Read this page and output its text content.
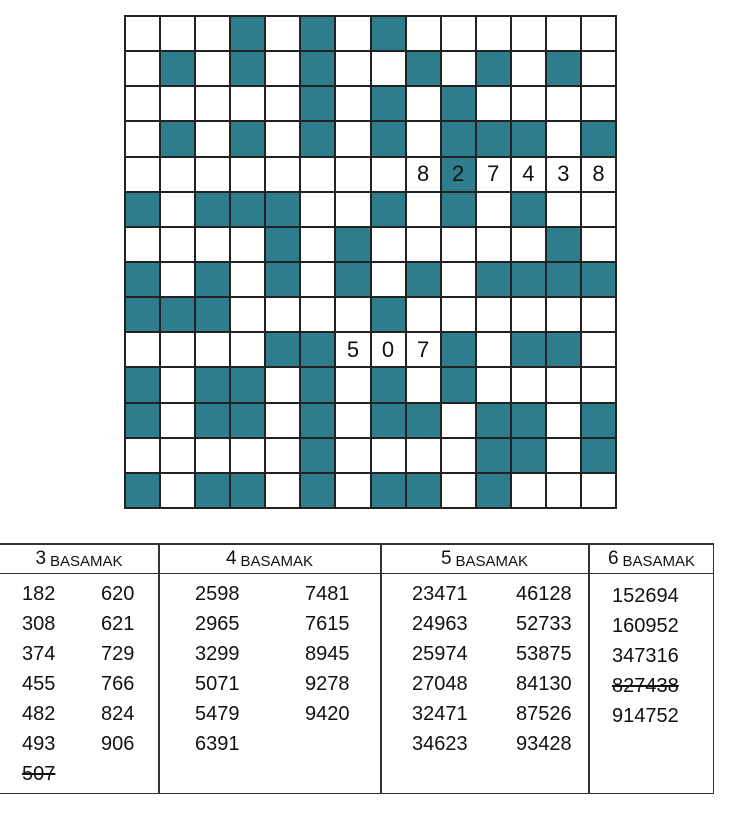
8 2 7 4 3 8
5 0 7
3 BASAMAK
182
308
374
455
482
493
507
620
621
729
766
824
906
4 BASAMAK
2598
2965
3299
5071
5479
6391
7481
7615
8945
9278
9420
5 BASAMAK
23471
24963
25974
27048
32471
34623
46128
52733
53875
84130
87526
93428
6 BASAMAK
152694
160952
347316
827438
914752
